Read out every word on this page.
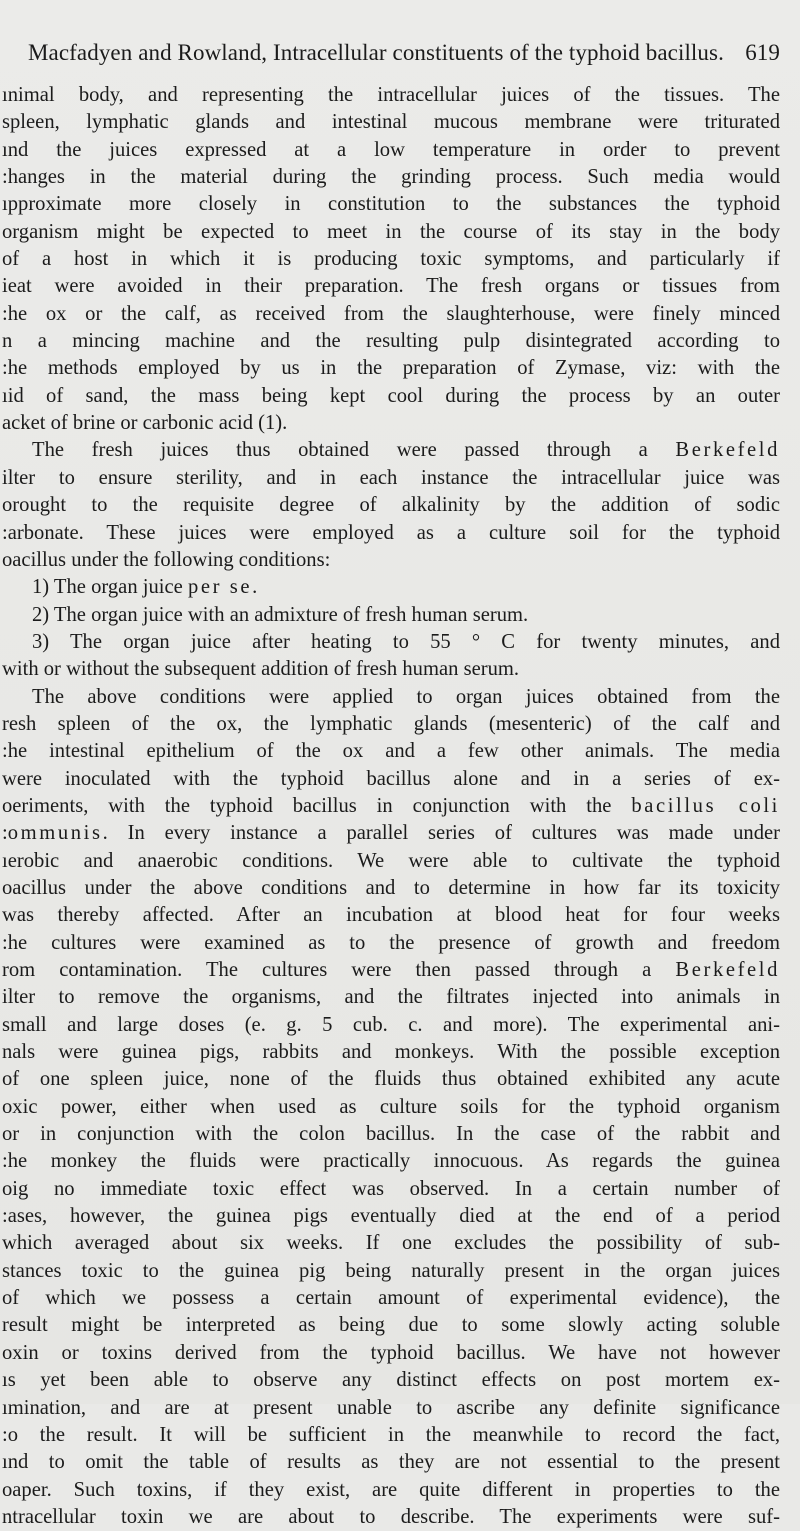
Macfadyen and Rowland, Intracellular constituents of the typhoid bacillus. 619
ınimal body, and representing the intracellular juices of the tissues. The
spleen, lymphatic glands and intestinal mucous membrane were triturated
ınd the juices expressed at a low temperature in order to prevent
:hanges in the material during the grinding process. Such media would
ıpproximate more closely in constitution to the substances the typhoid
organism might be expected to meet in the course of its stay in the body
of a host in which it is producing toxic symptoms, and particularly if
ieat were avoided in their preparation. The fresh organs or tissues from
:he ox or the calf, as received from the slaughterhouse, were finely minced
n a mincing machine and the resulting pulp disintegrated according to
:he methods employed by us in the preparation of Zymase, viz: with the
ıid of sand, the mass being kept cool during the process by an outer
acket of brine or carbonic acid (1).
The fresh juices thus obtained were passed through a Berkefeld
ilter to ensure sterility, and in each instance the intracellular juice was
orought to the requisite degree of alkalinity by the addition of sodic
:arbonate. These juices were employed as a culture soil for the typhoid
oacillus under the following conditions:
1) The organ juice per se.
2) The organ juice with an admixture of fresh human serum.
3) The organ juice after heating to 55 ° C for twenty minutes, and
with or without the subsequent addition of fresh human serum.
The above conditions were applied to organ juices obtained from the
resh spleen of the ox, the lymphatic glands (mesenteric) of the calf and
:he intestinal epithelium of the ox and a few other animals. The media
were inoculated with the typhoid bacillus alone and in a series of ex-
oeriments, with the typhoid bacillus in conjunction with the bacillus coli
:ommunis. In every instance a parallel series of cultures was made under
ıerobic and anaerobic conditions. We were able to cultivate the typhoid
oacillus under the above conditions and to determine in how far its toxicity
was thereby affected. After an incubation at blood heat for four weeks
:he cultures were examined as to the presence of growth and freedom
rom contamination. The cultures were then passed through a Berkefeld
ilter to remove the organisms, and the filtrates injected into animals in
small and large doses (e. g. 5 cub. c. and more). The experimental ani-
nals were guinea pigs, rabbits and monkeys. With the possible exception
of one spleen juice, none of the fluids thus obtained exhibited any acute
oxic power, either when used as culture soils for the typhoid organism
or in conjunction with the colon bacillus. In the case of the rabbit and
:he monkey the fluids were practically innocuous. As regards the guinea
oig no immediate toxic effect was observed. In a certain number of
:ases, however, the guinea pigs eventually died at the end of a period
which averaged about six weeks. If one excludes the possibility of sub-
stances toxic to the guinea pig being naturally present in the organ juices
of which we possess a certain amount of experimental evidence), the
result might be interpreted as being due to some slowly acting soluble
oxin or toxins derived from the typhoid bacillus. We have not however
ıs yet been able to observe any distinct effects on post mortem ex-
ımination, and are at present unable to ascribe any definite significance
:o the result. It will be sufficient in the meanwhile to record the fact,
ınd to omit the table of results as they are not essential to the present
oaper. Such toxins, if they exist, are quite different in properties to the
ntracellular toxin we are about to describe. The experiments were suf-
